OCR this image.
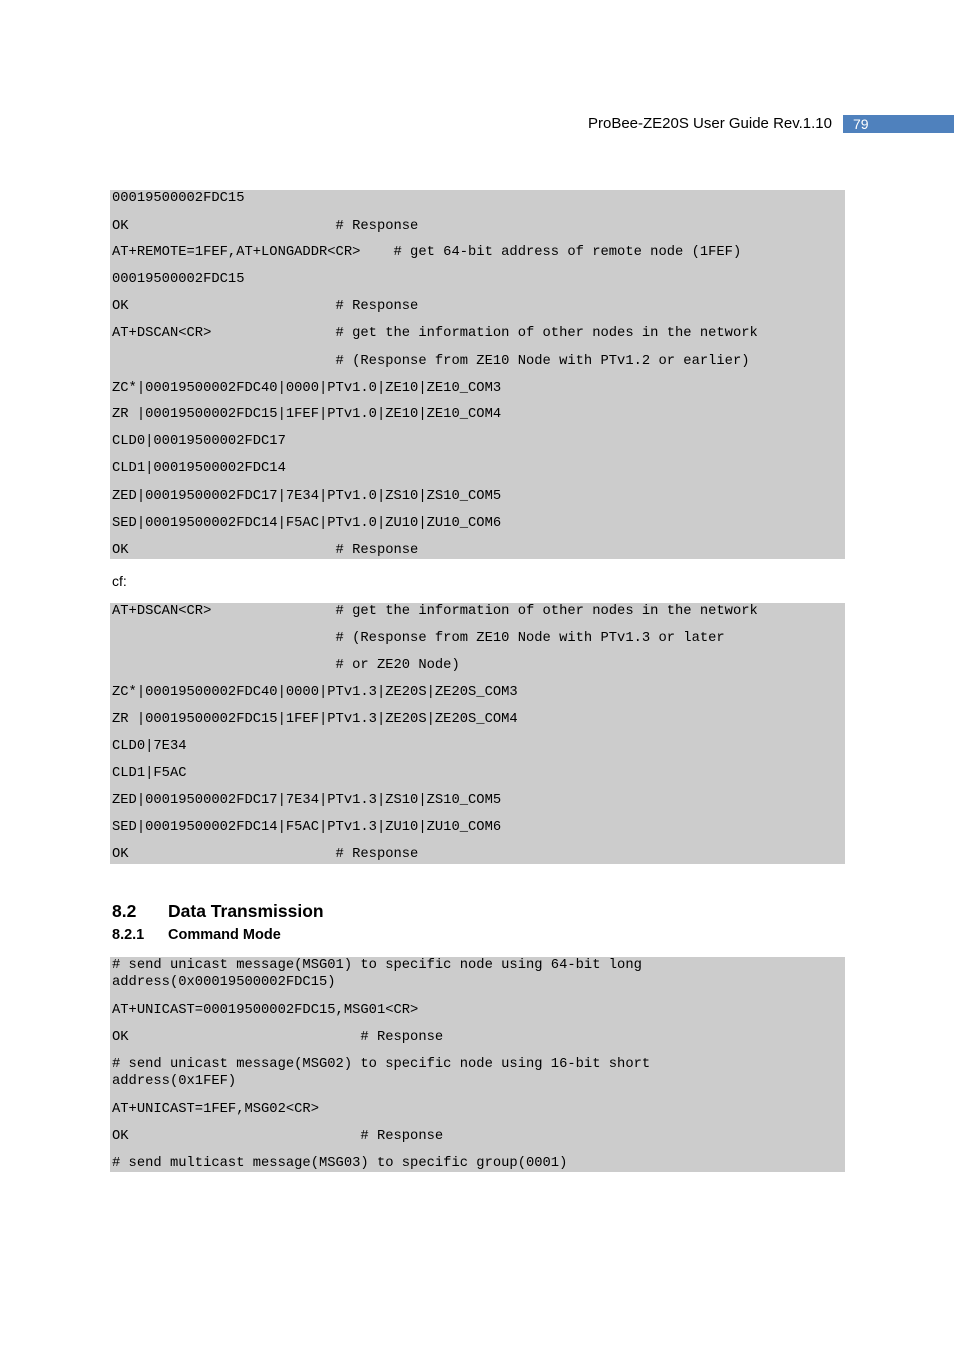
ProBee-ZE20S User Guide Rev.1.10	79
00019500002FDC15
OK                         # Response
AT+REMOTE=1FEF,AT+LONGADDR<CR>    # get 64-bit address of remote node (1FEF)
00019500002FDC15
OK                         # Response
AT+DSCAN<CR>               # get the information of other nodes in the network
# (Response from ZE10 Node with PTv1.2 or earlier)
ZC*|00019500002FDC40|0000|PTv1.0|ZE10|ZE10_COM3
ZR |00019500002FDC15|1FEF|PTv1.0|ZE10|ZE10_COM4
CLD0|00019500002FDC17
CLD1|00019500002FDC14
ZED|00019500002FDC17|7E34|PTv1.0|ZS10|ZS10_COM5
SED|00019500002FDC14|F5AC|PTv1.0|ZU10|ZU10_COM6
OK                         # Response
cf:
AT+DSCAN<CR>               # get the information of other nodes in the network
# (Response from ZE10 Node with PTv1.3 or later
# or ZE20 Node)
ZC*|00019500002FDC40|0000|PTv1.3|ZE20S|ZE20S_COM3
ZR |00019500002FDC15|1FEF|PTv1.3|ZE20S|ZE20S_COM4
CLD0|7E34
CLD1|F5AC
ZED|00019500002FDC17|7E34|PTv1.3|ZS10|ZS10_COM5
SED|00019500002FDC14|F5AC|PTv1.3|ZU10|ZU10_COM6
OK                         # Response
8.2 Data Transmission
8.2.1 Command Mode
# send unicast message(MSG01) to specific node using 64-bit long
address(0x00019500002FDC15)
AT+UNICAST=00019500002FDC15,MSG01<CR>
OK                            # Response
# send unicast message(MSG02) to specific node using 16-bit short
address(0x1FEF)
AT+UNICAST=1FEF,MSG02<CR>
OK                            # Response
# send multicast message(MSG03) to specific group(0001)
